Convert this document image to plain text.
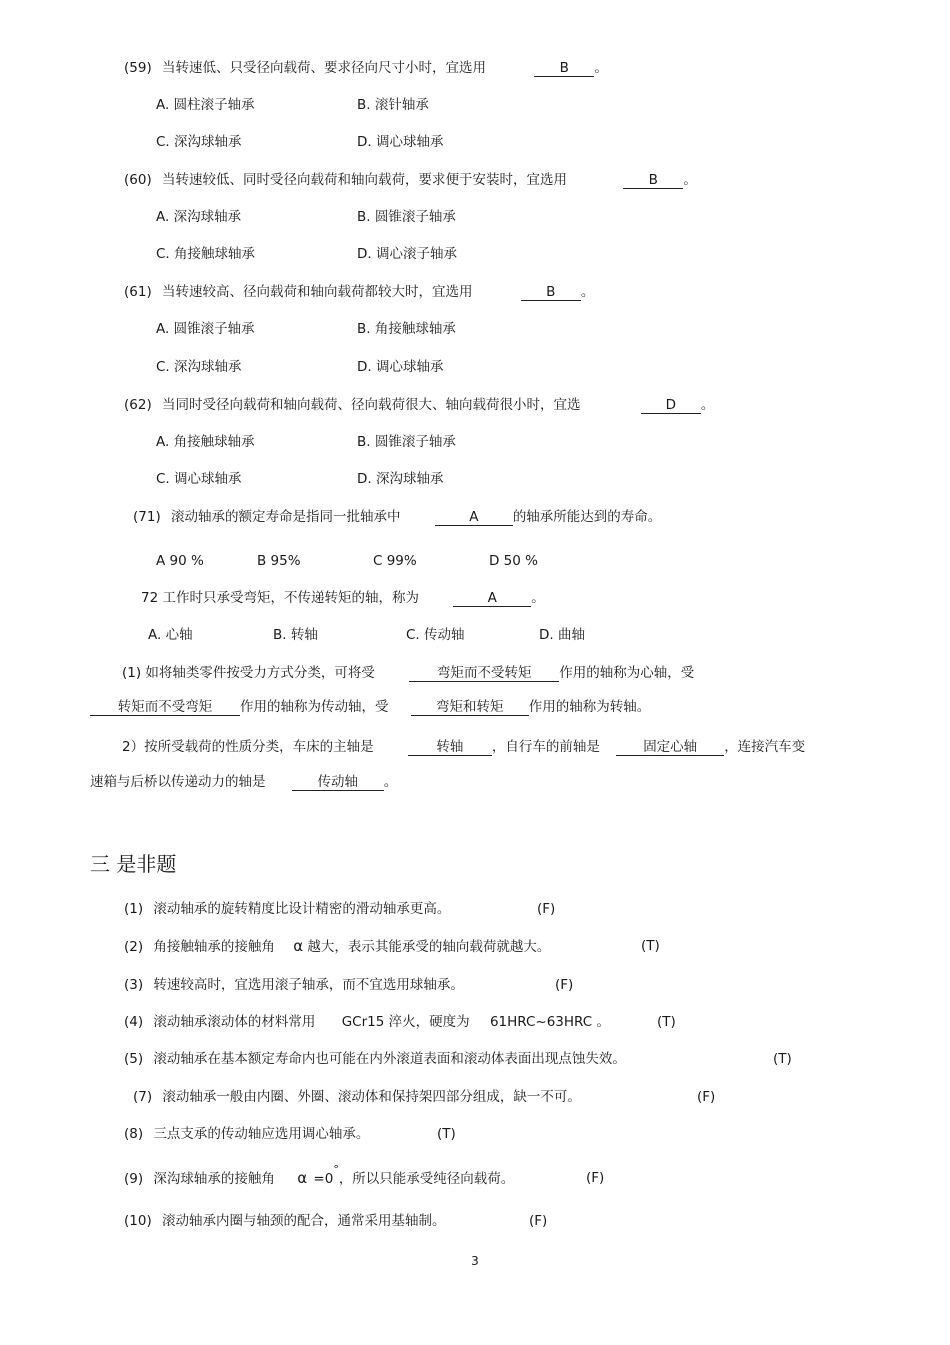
(59) 当转速低、只受径向载荷、要求径向尺寸小时，宜选用	B 。
A. 圆柱滚子轴承	B. 滚针轴承
C. 深沟球轴承	D. 调心球轴承
(60) 当转速较低、同时受径向载荷和轴向载荷，要求便于安装时，宜选用	B 。
A. 深沟球轴承	B. 圆锥滚子轴承
C. 角接触球轴承	D. 调心滚子轴承
(61) 当转速较高、径向载荷和轴向载荷都较大时，宜选用	B 。
A. 圆锥滚子轴承	B. 角接触球轴承
C. 深沟球轴承	D. 调心球轴承
(62) 当同时受径向载荷和轴向载荷、径向载荷很大、轴向载荷很小时，宜选	D 。
A. 角接触球轴承	B. 圆锥滚子轴承
C. 调心球轴承	D. 深沟球轴承
(71) 滚动轴承的额定寿命是指同一批轴承中	A	的轴承所能达到的寿命。
A 90 %	B 95%	C 99%	D 50 %
72 工作时只承受弯矩，不传递转矩的轴，称为	A	。
A. 心轴	B. 转轴	C. 传动轴	D. 曲轴
(1) 如将轴类零件按受力方式分类，可将受	弯矩而不受转矩 作用的轴称为心轴，受
转矩而不受弯矩 作用的轴称为传动轴，受	弯矩和转矩 作用的轴称为转轴。
2）按所受载荷的性质分类，车床的主轴是	转轴 ，自行车的前轴是	固定心轴 ，连接汽车变
速箱与后桥以传递动力的轴是	传动轴 。
三 是非题
(1) 滚动轴承的旋转精度比设计精密的滑动轴承更高。	(F)
(2) 角接触轴承的接触角 α 越大，表示其能承受的轴向载荷就越大。	(T)
(3) 转速较高时，宜选用滚子轴承，而不宜选用球轴承。	(F)
(4) 滚动轴承滚动体的材料常用 GCr15 淬火，硬度为 61HRC~63HRC 。	(T)
(5) 滚动轴承在基本额定寿命内也可能在内外滚道表面和滚动体表面出现点蚀失效。	(T)
(7) 滚动轴承一般由内圈、外圈、滚动体和保持架四部分组成，缺一不可。	(F)
(8) 三点支承的传动轴应选用调心轴承。	(T)
(9) 深沟球轴承的接触角 α =0°，所以只能承受纯径向载荷。	(F)
(10) 滚动轴承内圈与轴颈的配合，通常采用基轴制。	(F)
3
